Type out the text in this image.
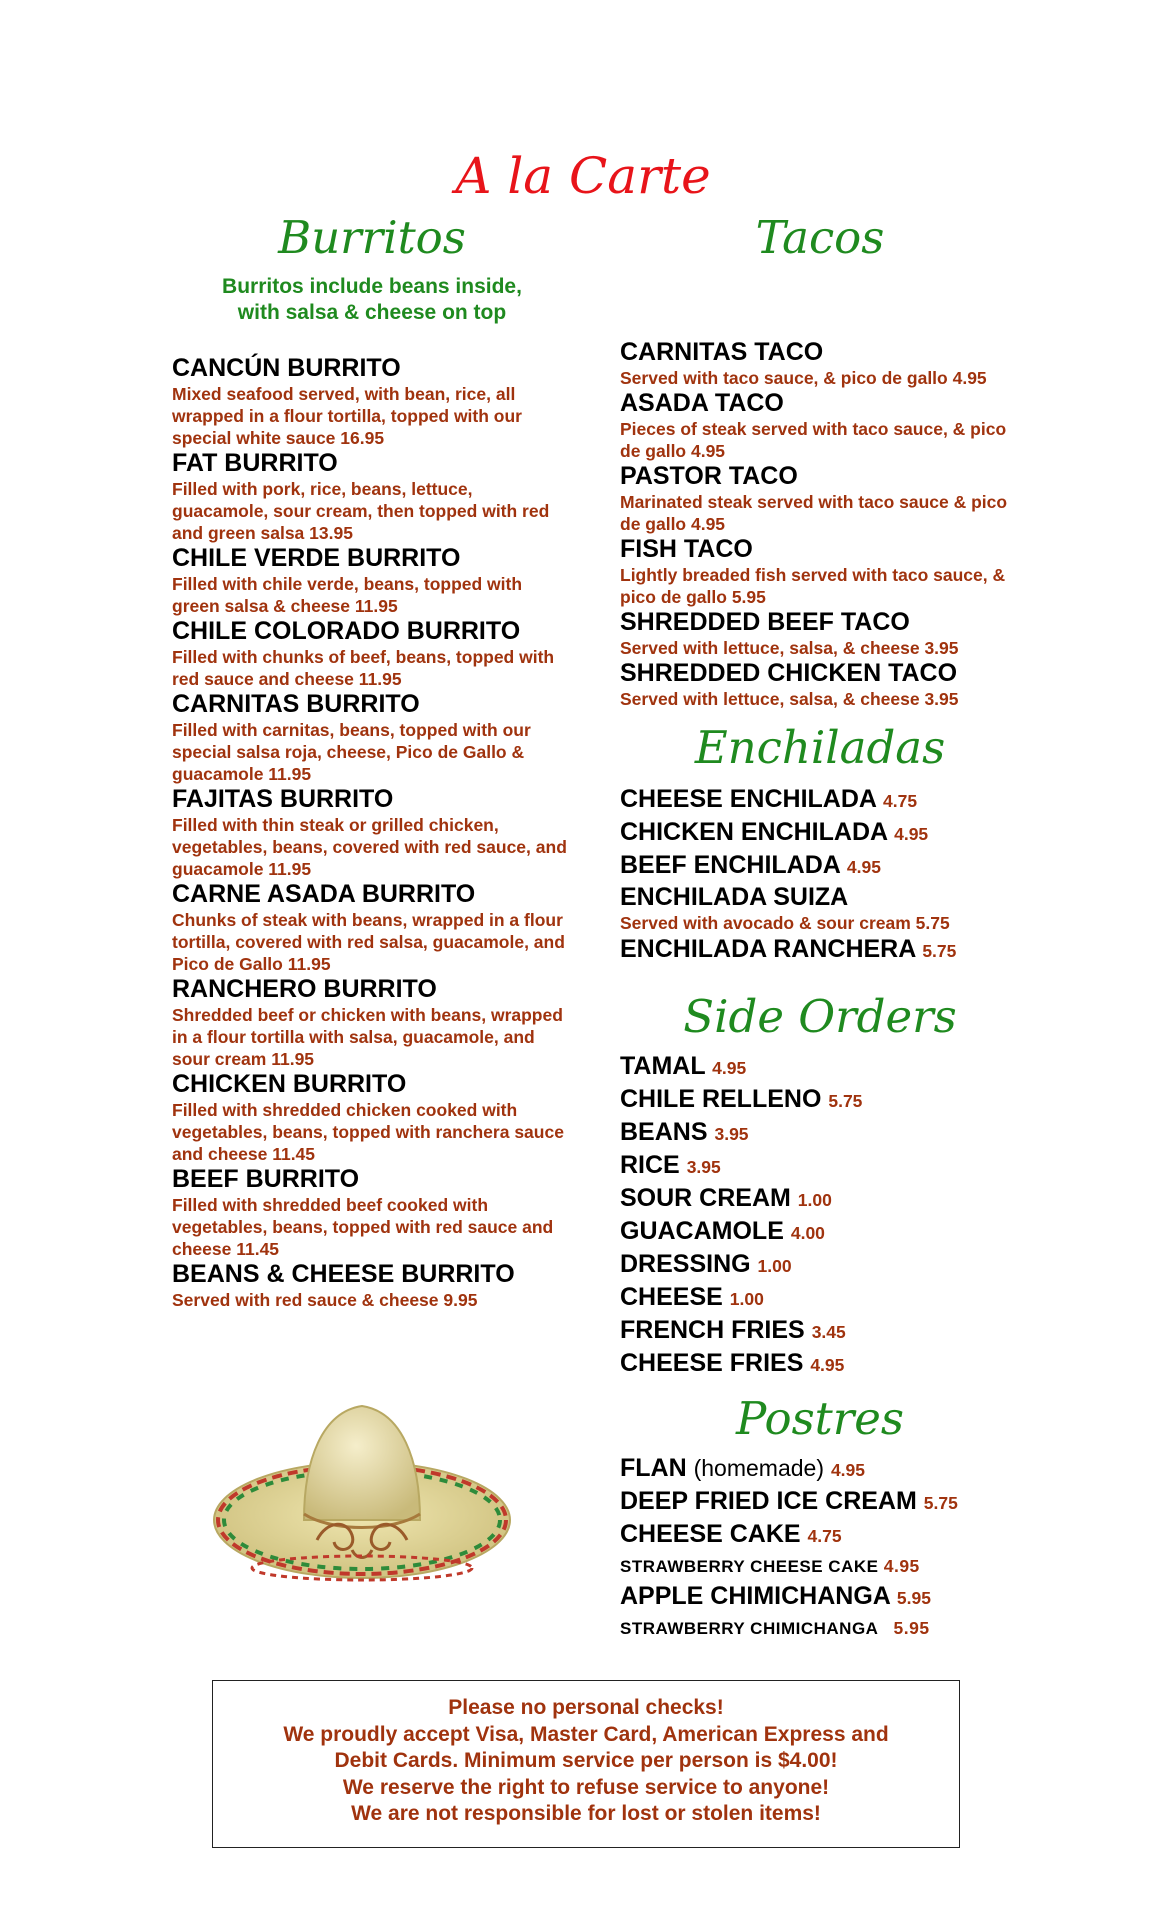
A la Carte
Burritos
Burritos include beans inside,
with salsa & cheese on top
CANCÚN BURRITO
Mixed seafood served, with bean, rice, all wrapped in a flour tortilla, topped with our special white sauce 16.95
FAT BURRITO
Filled with pork, rice, beans, lettuce, guacamole, sour cream, then topped with red and green salsa 13.95
CHILE VERDE BURRITO
Filled with chile verde, beans, topped with green salsa & cheese 11.95
CHILE COLORADO BURRITO
Filled with chunks of beef, beans, topped with red sauce and cheese 11.95
CARNITAS BURRITO
Filled with carnitas, beans, topped with our special salsa roja, cheese, Pico de Gallo & guacamole 11.95
FAJITAS BURRITO
Filled with thin steak or grilled chicken, vegetables, beans, covered with red sauce, and guacamole 11.95
CARNE ASADA BURRITO
Chunks of steak with beans, wrapped in a flour tortilla, covered with red salsa, guacamole, and Pico de Gallo 11.95
RANCHERO BURRITO
Shredded beef or chicken with beans, wrapped in a flour tortilla with salsa, guacamole, and sour cream 11.95
CHICKEN BURRITO
Filled with shredded chicken cooked with vegetables, beans, topped with ranchera sauce and cheese 11.45
BEEF BURRITO
Filled with shredded beef cooked with vegetables, beans, topped with red sauce and cheese 11.45
BEANS & CHEESE BURRITO
Served with red sauce & cheese 9.95
Tacos
CARNITAS TACO
Served with taco sauce, & pico de gallo 4.95
ASADA TACO
Pieces of steak served with taco sauce, & pico de gallo 4.95
PASTOR TACO
Marinated steak served with taco sauce & pico de gallo 4.95
FISH TACO
Lightly breaded fish served with taco sauce, & pico de gallo 5.95
SHREDDED BEEF TACO
Served with lettuce, salsa, & cheese 3.95
SHREDDED CHICKEN TACO
Served with lettuce, salsa, & cheese 3.95
Enchiladas
CHEESE ENCHILADA 4.75
CHICKEN ENCHILADA 4.95
BEEF ENCHILADA 4.95
ENCHILADA SUIZA
Served with avocado & sour cream 5.75
ENCHILADA RANCHERA 5.75
Side Orders
TAMAL 4.95
CHILE RELLENO 5.75
BEANS 3.95
RICE 3.95
SOUR CREAM 1.00
GUACAMOLE 4.00
DRESSING 1.00
CHEESE 1.00
FRENCH FRIES 3.45
CHEESE FRIES 4.95
Postres
FLAN (homemade) 4.95
DEEP FRIED ICE CREAM 5.75
CHEESE CAKE 4.75
STRAWBERRY CHEESE CAKE 4.95
APPLE CHIMICHANGA 5.95
STRAWBERRY CHIMICHANGA 5.95
Please no personal checks!
We proudly accept Visa, Master Card, American Express and
Debit Cards. Minimum service per person is $4.00!
We reserve the right to refuse service to anyone!
We are not responsible for lost or stolen items!
